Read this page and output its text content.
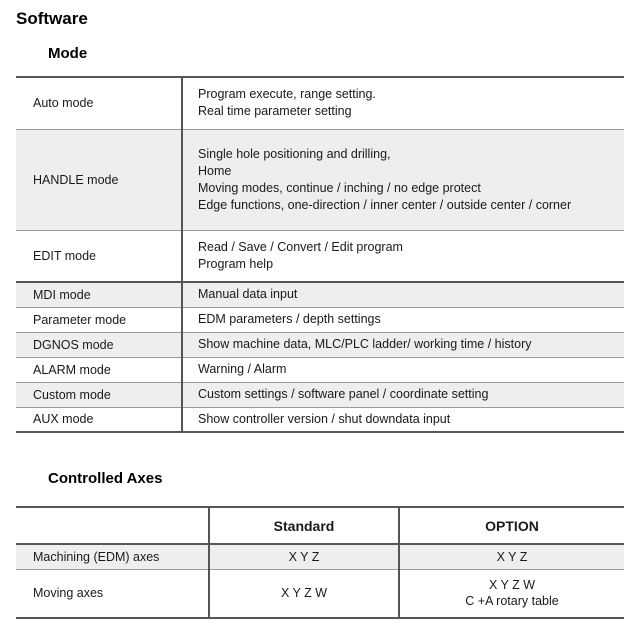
Software
Mode
Auto mode	Program execute, range setting.
Real time parameter setting
HANDLE mode	Single hole positioning and drilling,
Home
Moving modes, continue / inching / no edge protect
Edge functions, one-direction / inner center / outside center / corner
EDIT mode	Read / Save / Convert / Edit program
Program help
MDI mode	Manual data input
Parameter mode	EDM parameters / depth settings
DGNOS mode	Show machine data, MLC/PLC ladder/ working time / history
ALARM mode	Warning / Alarm
Custom mode	Custom settings / software panel / coordinate setting
AUX mode	Show controller version / shut downdata input
Controlled Axes
	Standard	OPTION
Machining (EDM) axes	X Y Z	X Y Z
Moving axes	X Y Z W	X Y Z W
C +A rotary table
